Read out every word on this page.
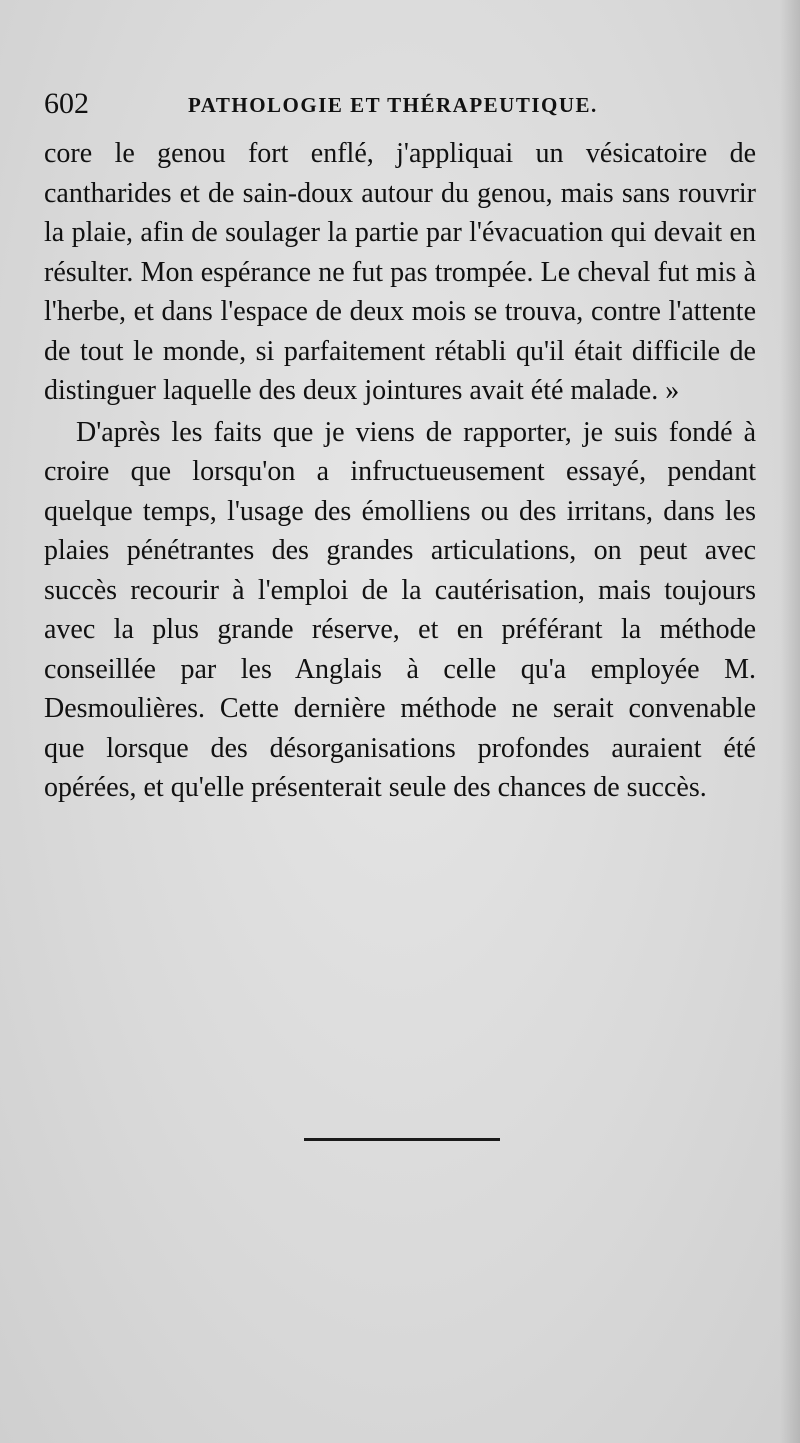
602	PATHOLOGIE ET THÉRAPEUTIQUE.

core le genou fort enflé, j'appliquai un vésicatoire de cantharides et de sain-doux autour du genou, mais sans rouvrir la plaie, afin de soulager la partie par l'évacuation qui devait en résulter. Mon espérance ne fut pas trompée. Le cheval fut mis à l'herbe, et dans l'espace de deux mois se trouva, contre l'attente de tout le monde, si parfaitement rétabli qu'il était difficile de distinguer laquelle des deux jointures avait été malade. »

D'après les faits que je viens de rapporter, je suis fondé à croire que lorsqu'on a infructueusement essayé, pendant quelque temps, l'usage des émolliens ou des irritans, dans les plaies pénétrantes des grandes articulations, on peut avec succès recourir à l'emploi de la cautérisation, mais toujours avec la plus grande réserve, et en préférant la méthode conseillée par les Anglais à celle qu'a employée M. Desmoulières. Cette dernière méthode ne serait convenable que lorsque des désorganisations profondes auraient été opérées, et qu'elle présenterait seule des chances de succès.
